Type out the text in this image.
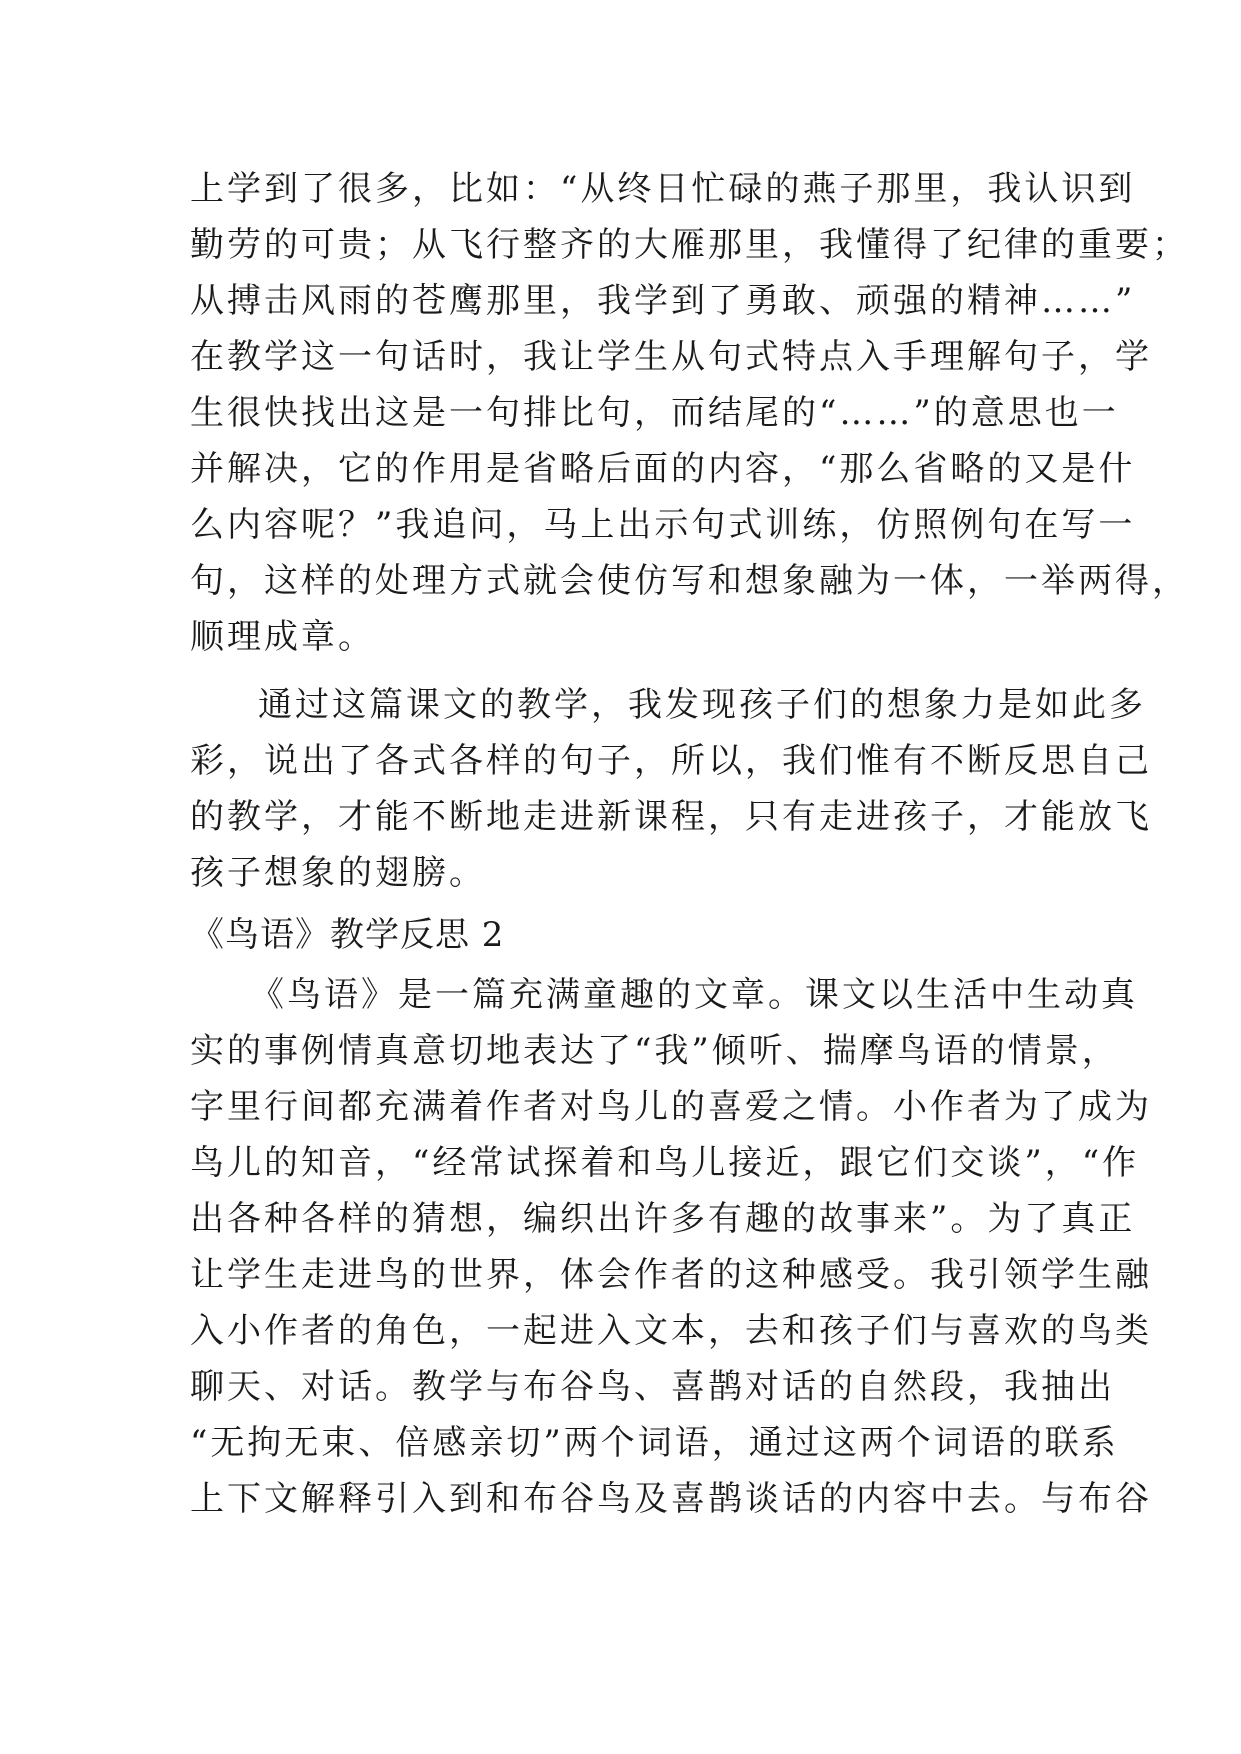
上学到了很多，比如：“从终日忙碌的燕子那里，我认识到
勤劳的可贵；从飞行整齐的大雁那里，我懂得了纪律的重要；
从搏击风雨的苍鹰那里，我学到了勇敢、顽强的精神……”
在教学这一句话时，我让学生从句式特点入手理解句子，学
生很快找出这是一句排比句，而结尾的“……”的意思也一
并解决，它的作用是省略后面的内容，“那么省略的又是什
么内容呢？”我追问，马上出示句式训练，仿照例句在写一
句，这样的处理方式就会使仿写和想象融为一体，一举两得，
顺理成章。
通过这篇课文的教学，我发现孩子们的想象力是如此多
彩，说出了各式各样的句子，所以，我们惟有不断反思自己
的教学，才能不断地走进新课程，只有走进孩子，才能放飞
孩子想象的翅膀。
《鸟语》教学反思 2
《鸟语》是一篇充满童趣的文章。课文以生活中生动真
实的事例情真意切地表达了“我”倾听、揣摩鸟语的情景，
字里行间都充满着作者对鸟儿的喜爱之情。小作者为了成为
鸟儿的知音，“经常试探着和鸟儿接近，跟它们交谈”，“作
出各种各样的猜想，编织出许多有趣的故事来”。为了真正
让学生走进鸟的世界，体会作者的这种感受。我引领学生融
入小作者的角色，一起进入文本，去和孩子们与喜欢的鸟类
聊天、对话。教学与布谷鸟、喜鹊对话的自然段，我抽出
“无拘无束、倍感亲切”两个词语，通过这两个词语的联系
上下文解释引入到和布谷鸟及喜鹊谈话的内容中去。与布谷
